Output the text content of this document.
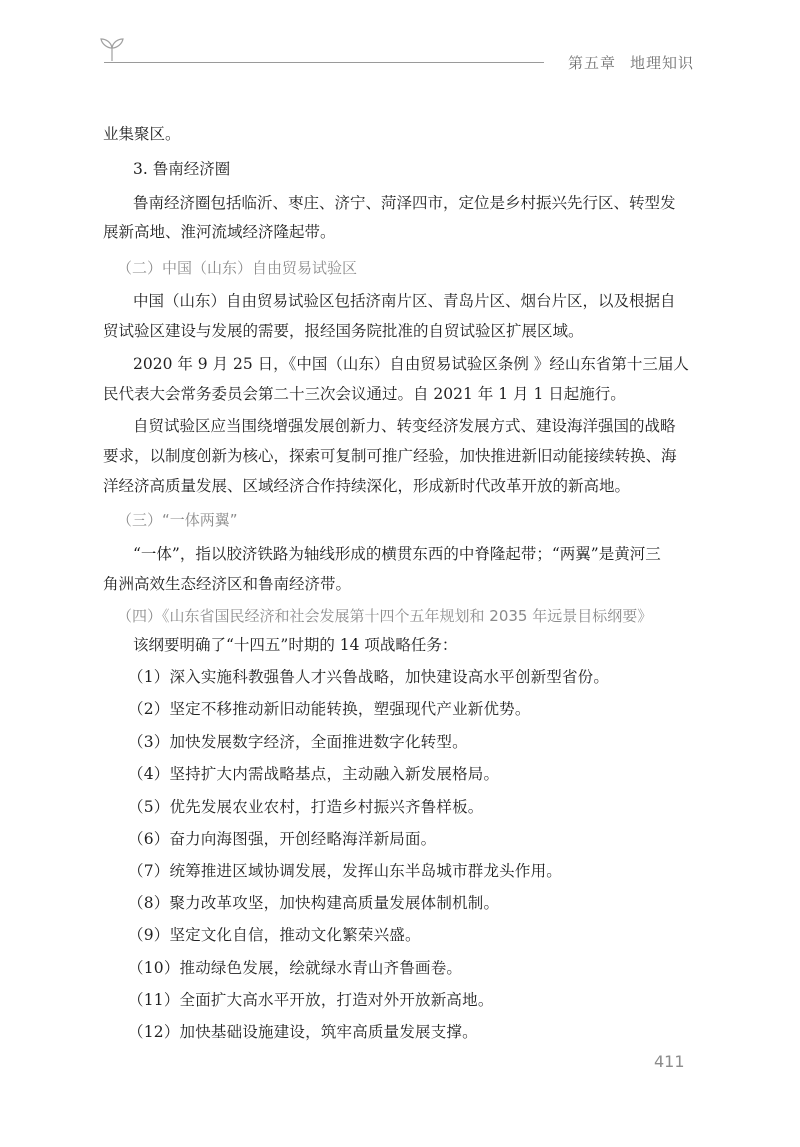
第五章 地理知识
业集聚区。
3. 鲁南经济圈
鲁南经济圈包括临沂、枣庄、济宁、菏泽四市，定位是乡村振兴先行区、转型发
展新高地、淮河流域经济隆起带。
（二）中国（山东）自由贸易试验区
中国（山东）自由贸易试验区包括济南片区、青岛片区、烟台片区，以及根据自
贸试验区建设与发展的需要，报经国务院批准的自贸试验区扩展区域。
2020 年 9 月 25 日，《中国（山东）自由贸易试验区条例 》经山东省第十三届人
民代表大会常务委员会第二十三次会议通过。自 2021 年 1 月 1 日起施行。
自贸试验区应当围绕增强发展创新力、转变经济发展方式、建设海洋强国的战略
要求，以制度创新为核心，探索可复制可推广经验，加快推进新旧动能接续转换、海
洋经济高质量发展、区域经济合作持续深化，形成新时代改革开放的新高地。
（三）“一体两翼”
“一体”，指以胶济铁路为轴线形成的横贯东西的中脊隆起带；“两翼”是黄河三
角洲高效生态经济区和鲁南经济带。
（四）《山东省国民经济和社会发展第十四个五年规划和 2035 年远景目标纲要》
该纲要明确了“十四五”时期的 14 项战略任务：
（1）深入实施科教强鲁人才兴鲁战略，加快建设高水平创新型省份。
（2）坚定不移推动新旧动能转换，塑强现代产业新优势。
（3）加快发展数字经济，全面推进数字化转型。
（4）坚持扩大内需战略基点，主动融入新发展格局。
（5）优先发展农业农村，打造乡村振兴齐鲁样板。
（6）奋力向海图强，开创经略海洋新局面。
（7）统筹推进区域协调发展，发挥山东半岛城市群龙头作用。
（8）聚力改革攻坚，加快构建高质量发展体制机制。
（9）坚定文化自信，推动文化繁荣兴盛。
（10）推动绿色发展，绘就绿水青山齐鲁画卷。
（11）全面扩大高水平开放，打造对外开放新高地。
（12）加快基础设施建设，筑牢高质量发展支撑。
411
